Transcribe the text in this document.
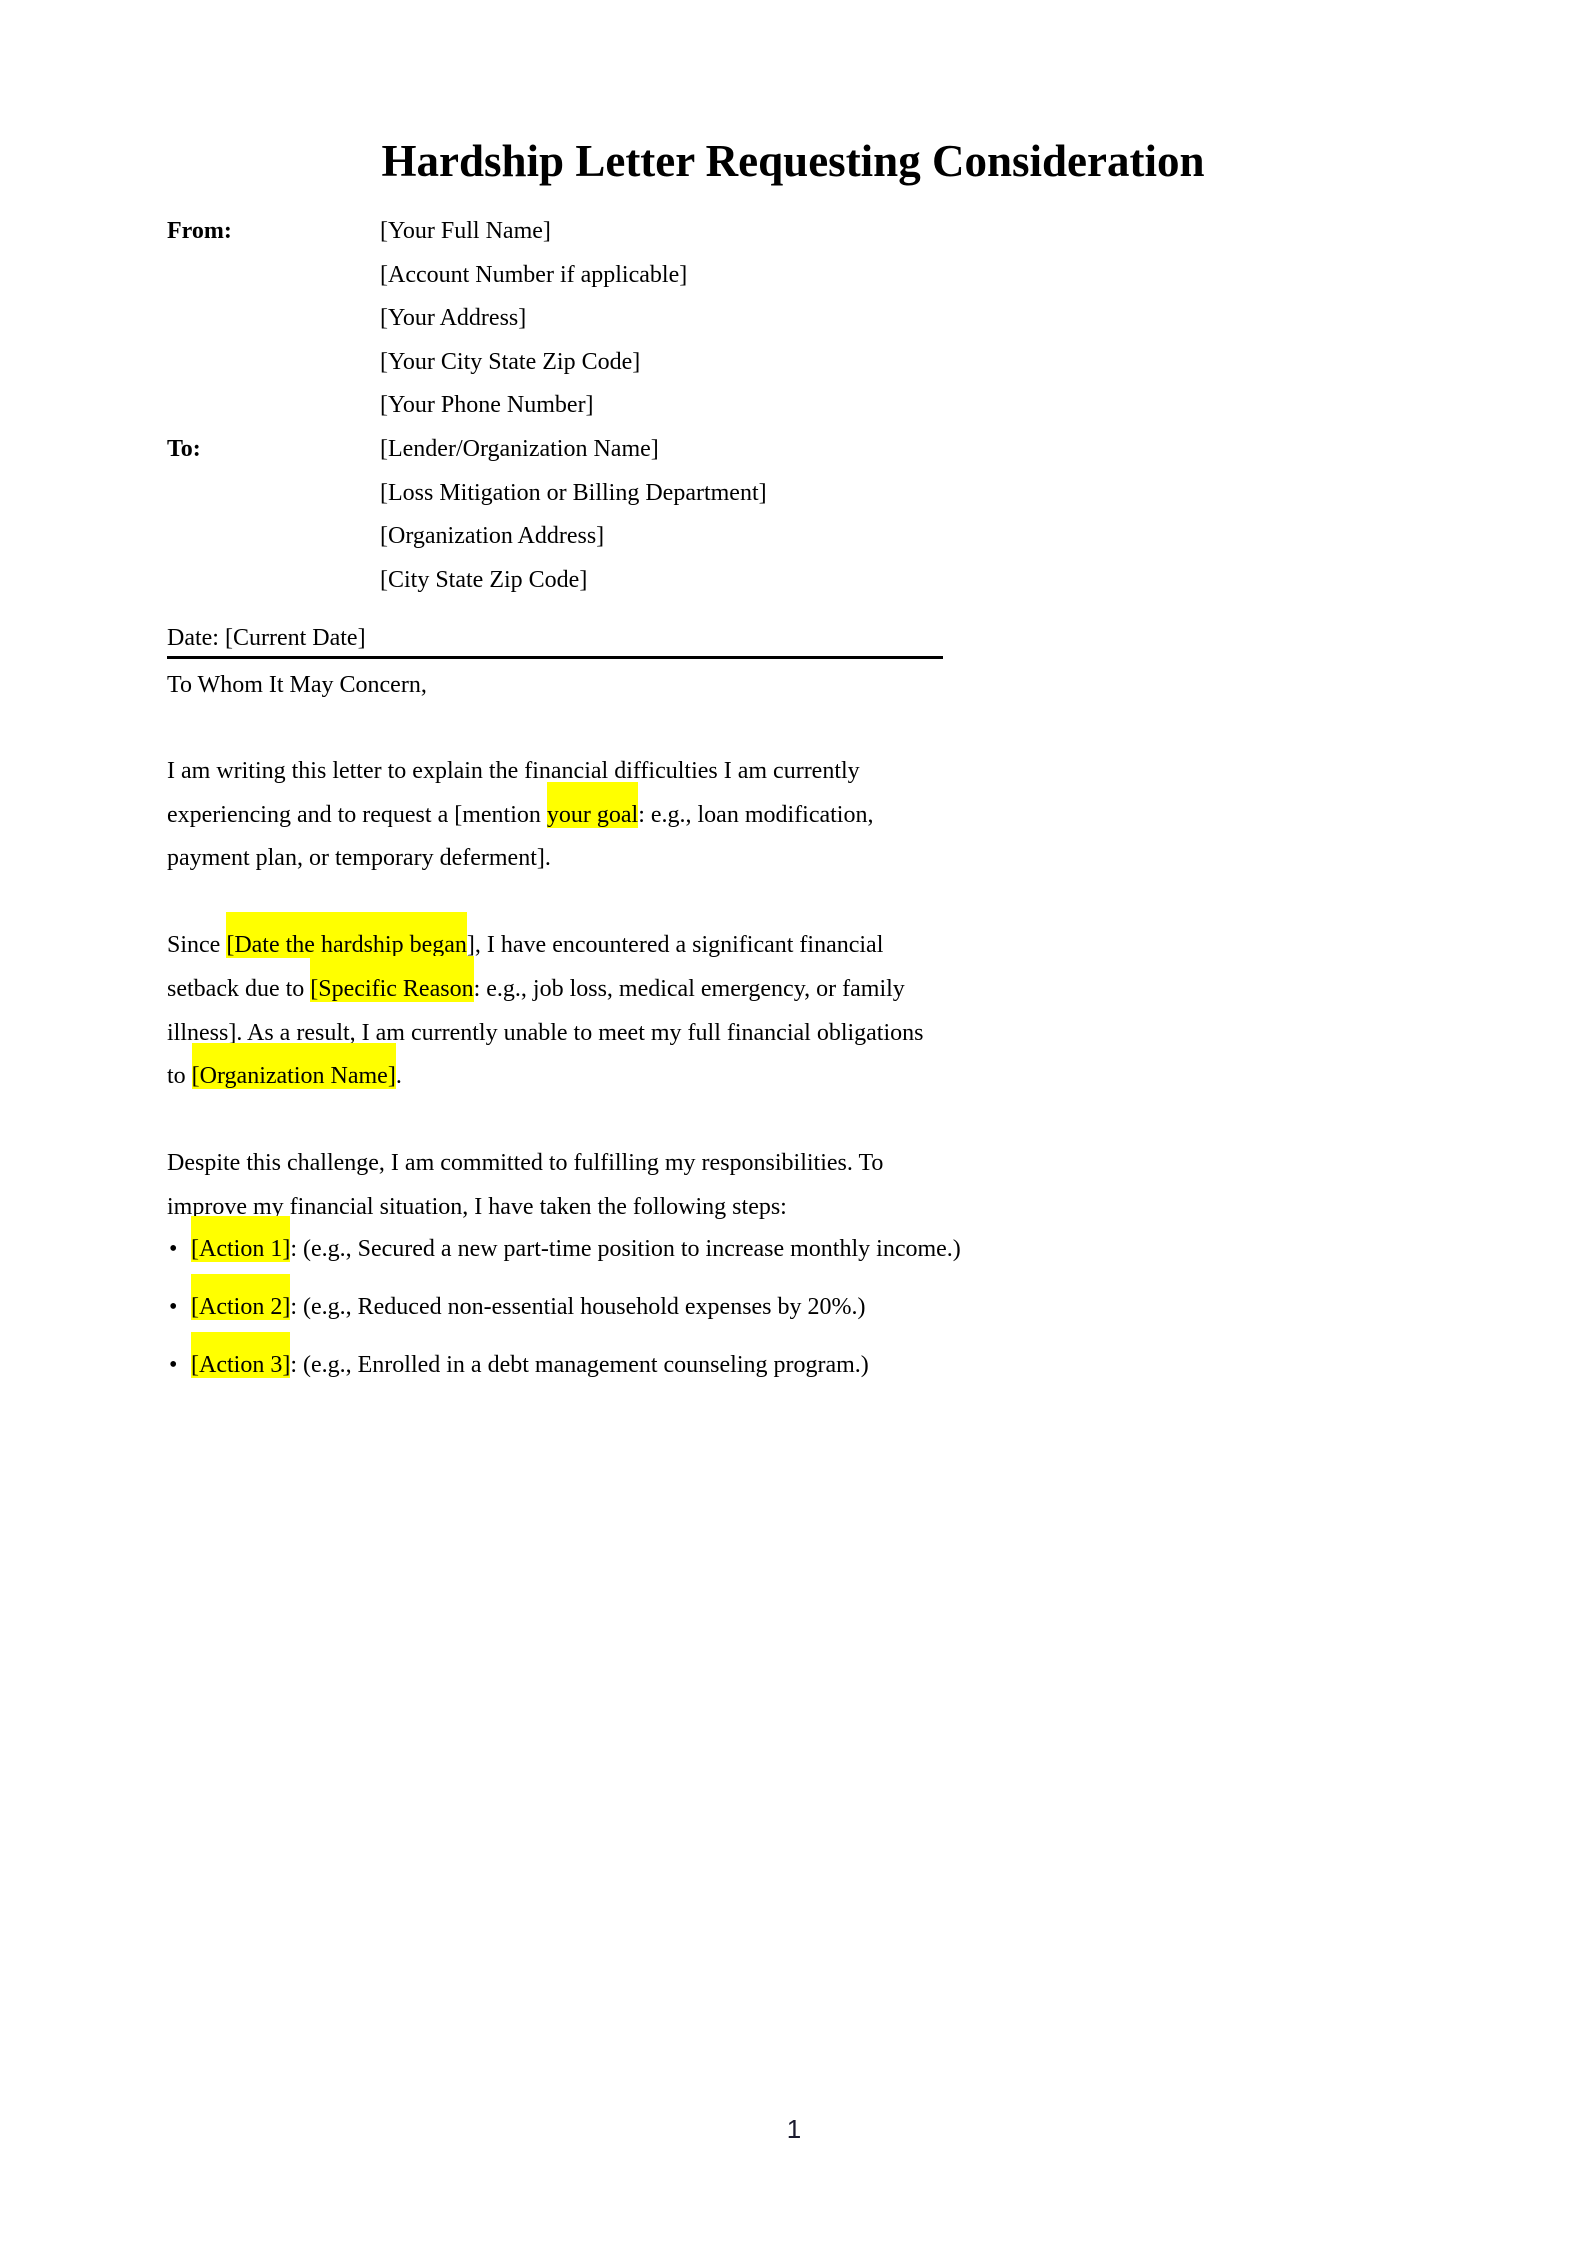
Hardship Letter Requesting Consideration
From:	[Your Full Name]
[Account Number if applicable]
[Your Address]
[Your City State Zip Code]
[Your Phone Number]
To:	[Lender/Organization Name]
[Loss Mitigation or Billing Department]
[Organization Address]
[City State Zip Code]
Date: [Current Date]
To Whom It May Concern,

I am writing this letter to explain the financial difficulties I am currently experiencing and to request a [mention your goal: e.g., loan modification, payment plan, or temporary deferment].

Since [Date the hardship began], I have encountered a significant financial setback due to [Specific Reason: e.g., job loss, medical emergency, or family illness]. As a result, I am currently unable to meet my full financial obligations to [Organization Name].

Despite this challenge, I am committed to fulfilling my responsibilities. To improve my financial situation, I have taken the following steps:

• [Action 1]: (e.g., Secured a new part-time position to increase monthly income.)
• [Action 2]: (e.g., Reduced non-essential household expenses by 20%.)
• [Action 3]: (e.g., Enrolled in a debt management counseling program.)
1
